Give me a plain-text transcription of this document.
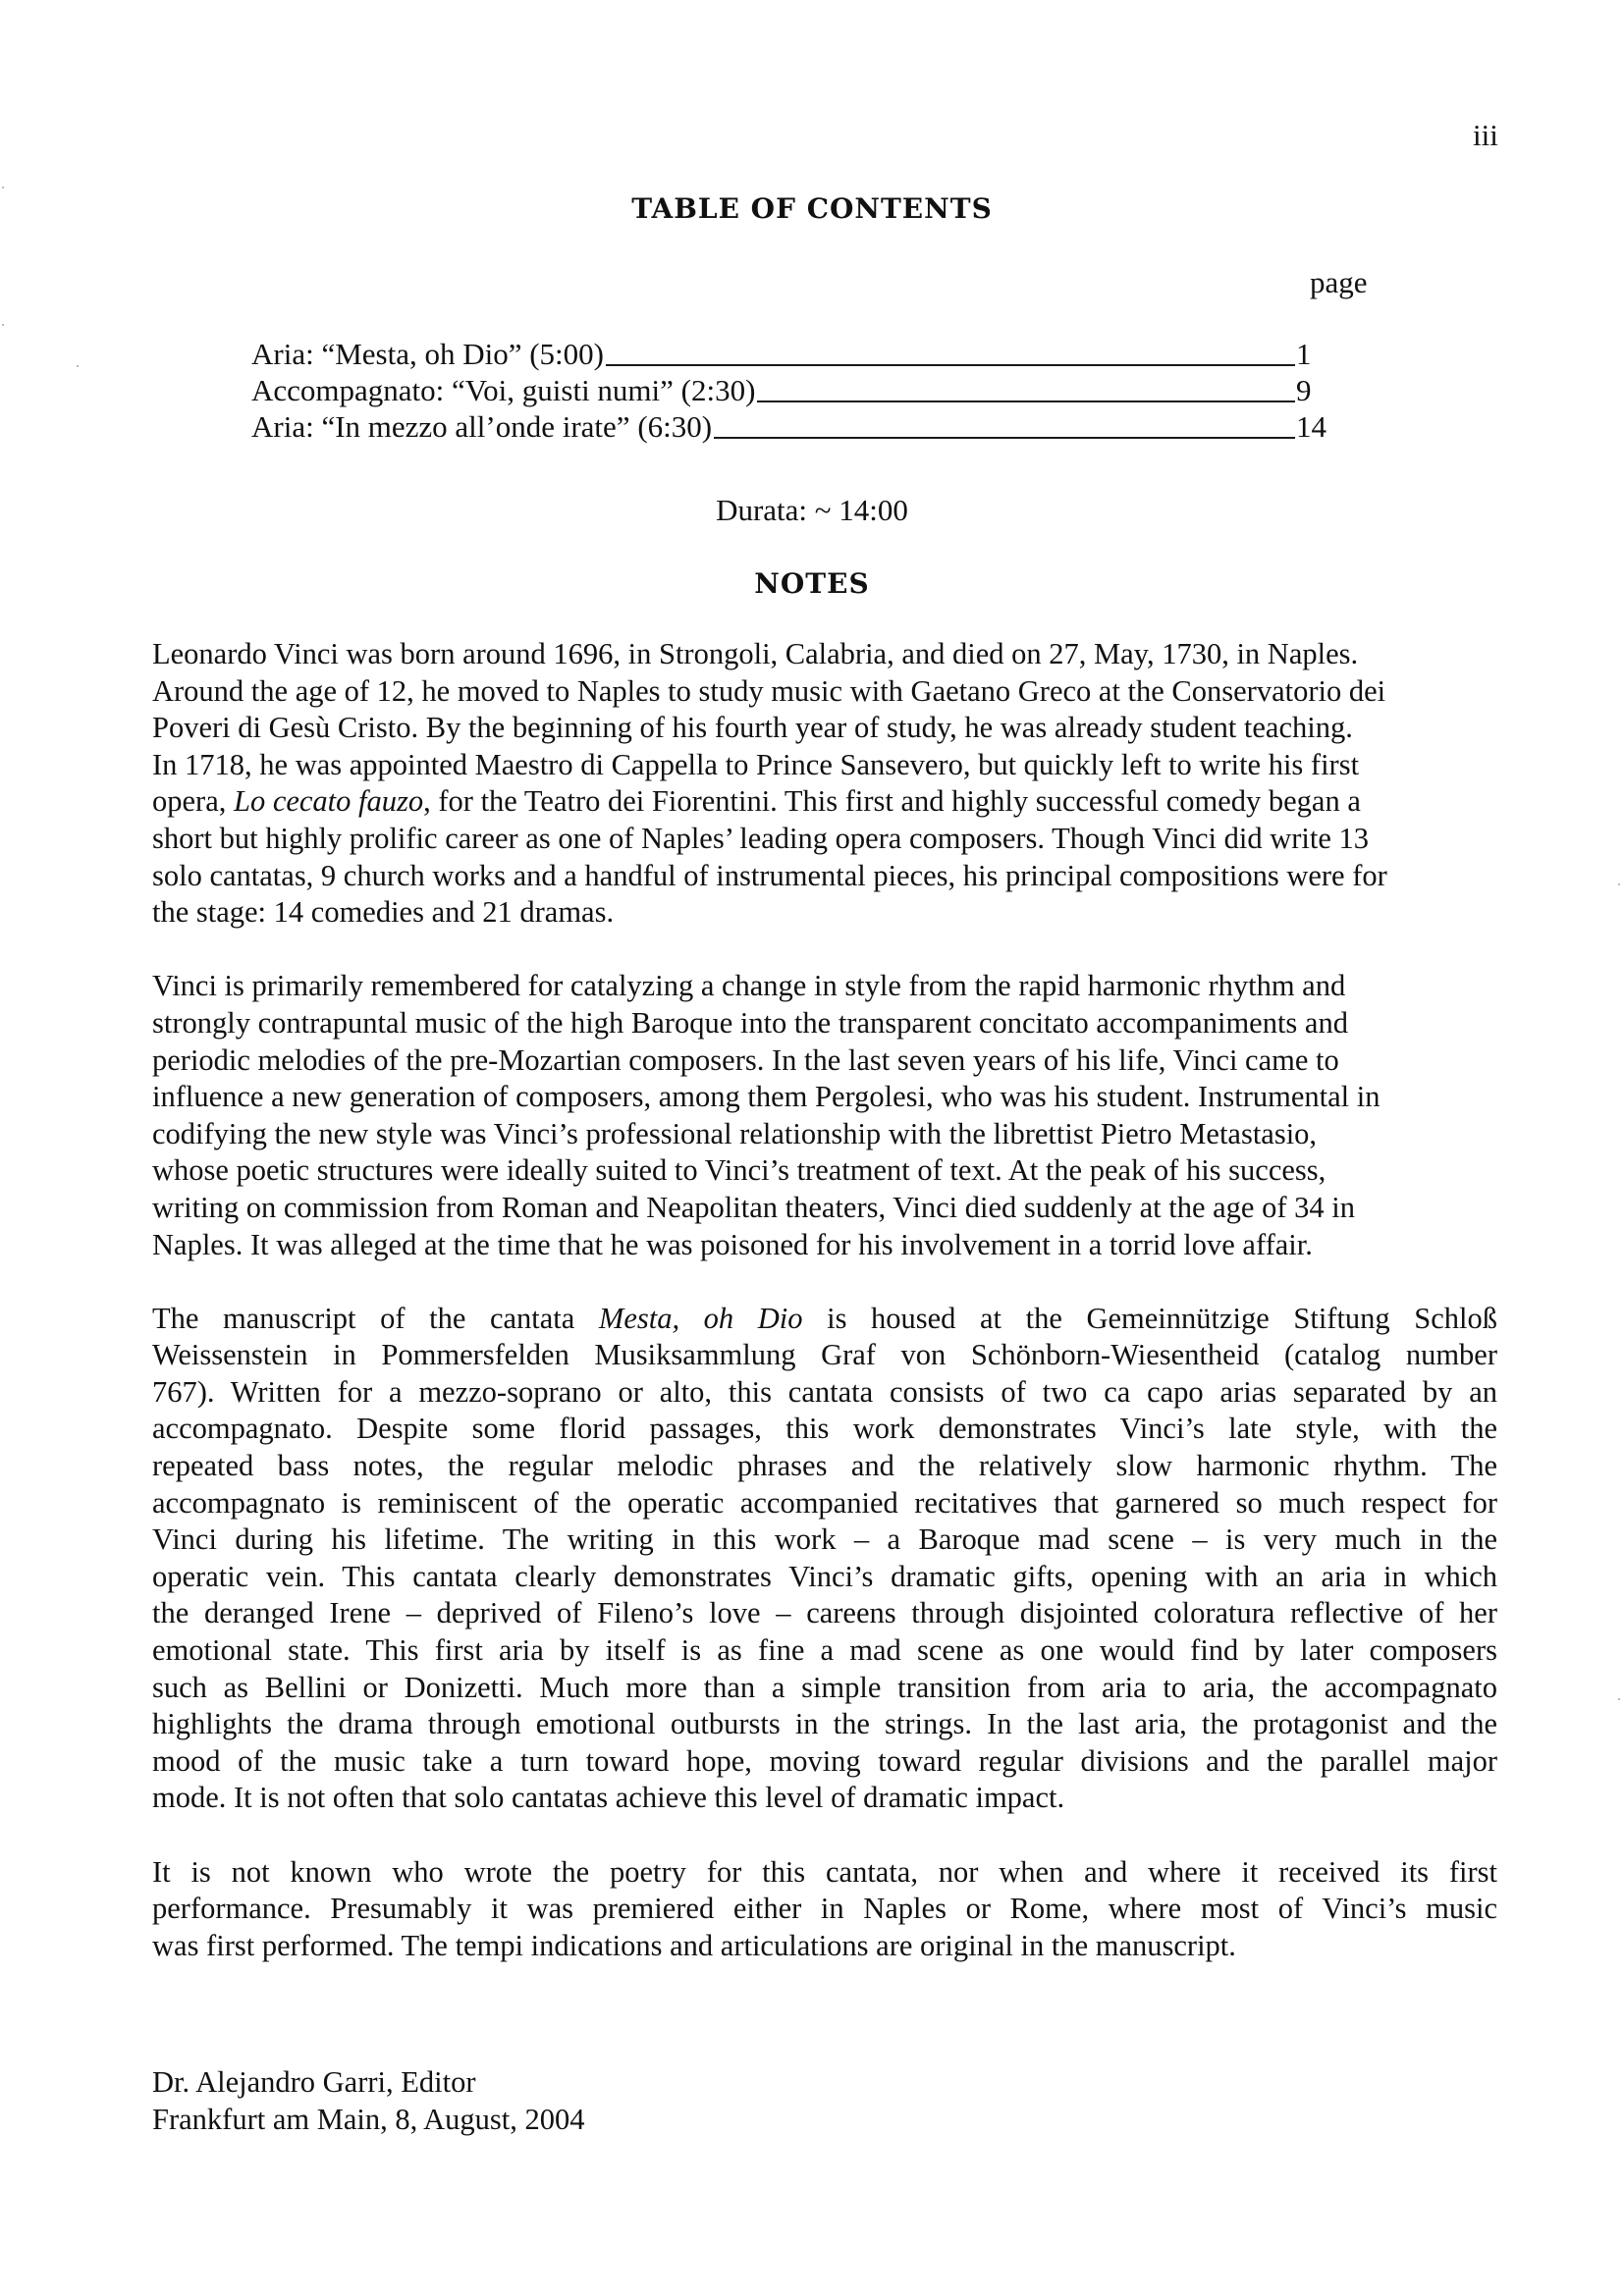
iii
TABLE OF CONTENTS
page
Aria: “Mesta, oh Dio” (5:00)	1
Accompagnato: “Voi, guisti numi” (2:30)	9
Aria: “In mezzo all’onde irate” (6:30)	14
Durata: ~ 14:00
NOTES
Leonardo Vinci was born around 1696, in Strongoli, Calabria, and died on 27, May, 1730, in Naples.
Around the age of 12, he moved to Naples to study music with Gaetano Greco at the Conservatorio dei
Poveri di Gesù Cristo. By the beginning of his fourth year of study, he was already student teaching.
In 1718, he was appointed Maestro di Cappella to Prince Sansevero, but quickly left to write his first
opera, Lo cecato fauzo, for the Teatro dei Fiorentini. This first and highly successful comedy began a
short but highly prolific career as one of Naples’ leading opera composers. Though Vinci did write 13
solo cantatas, 9 church works and a handful of instrumental pieces, his principal compositions were for
the stage: 14 comedies and 21 dramas.
Vinci is primarily remembered for catalyzing a change in style from the rapid harmonic rhythm and
strongly contrapuntal music of the high Baroque into the transparent concitato accompaniments and
periodic melodies of the pre-Mozartian composers. In the last seven years of his life, Vinci came to
influence a new generation of composers, among them Pergolesi, who was his student. Instrumental in
codifying the new style was Vinci’s professional relationship with the librettist Pietro Metastasio,
whose poetic structures were ideally suited to Vinci’s treatment of text. At the peak of his success,
writing on commission from Roman and Neapolitan theaters, Vinci died suddenly at the age of 34 in
Naples. It was alleged at the time that he was poisoned for his involvement in a torrid love affair.
The manuscript of the cantata Mesta, oh Dio is housed at the Gemeinnützige Stiftung Schloß
Weissenstein in Pommersfelden Musiksammlung Graf von Schönborn-Wiesentheid (catalog number
767). Written for a mezzo-soprano or alto, this cantata consists of two ca capo arias separated by an
accompagnato. Despite some florid passages, this work demonstrates Vinci’s late style, with the
repeated bass notes, the regular melodic phrases and the relatively slow harmonic rhythm. The
accompagnato is reminiscent of the operatic accompanied recitatives that garnered so much respect for
Vinci during his lifetime. The writing in this work – a Baroque mad scene – is very much in the
operatic vein. This cantata clearly demonstrates Vinci’s dramatic gifts, opening with an aria in which
the deranged Irene – deprived of Fileno’s love – careens through disjointed coloratura reflective of her
emotional state. This first aria by itself is as fine a mad scene as one would find by later composers
such as Bellini or Donizetti. Much more than a simple transition from aria to aria, the accompagnato
highlights the drama through emotional outbursts in the strings. In the last aria, the protagonist and the
mood of the music take a turn toward hope, moving toward regular divisions and the parallel major
mode. It is not often that solo cantatas achieve this level of dramatic impact.
It is not known who wrote the poetry for this cantata, nor when and where it received its first
performance. Presumably it was premiered either in Naples or Rome, where most of Vinci’s music
was first performed. The tempi indications and articulations are original in the manuscript.
Dr. Alejandro Garri, Editor
Frankfurt am Main, 8, August, 2004
